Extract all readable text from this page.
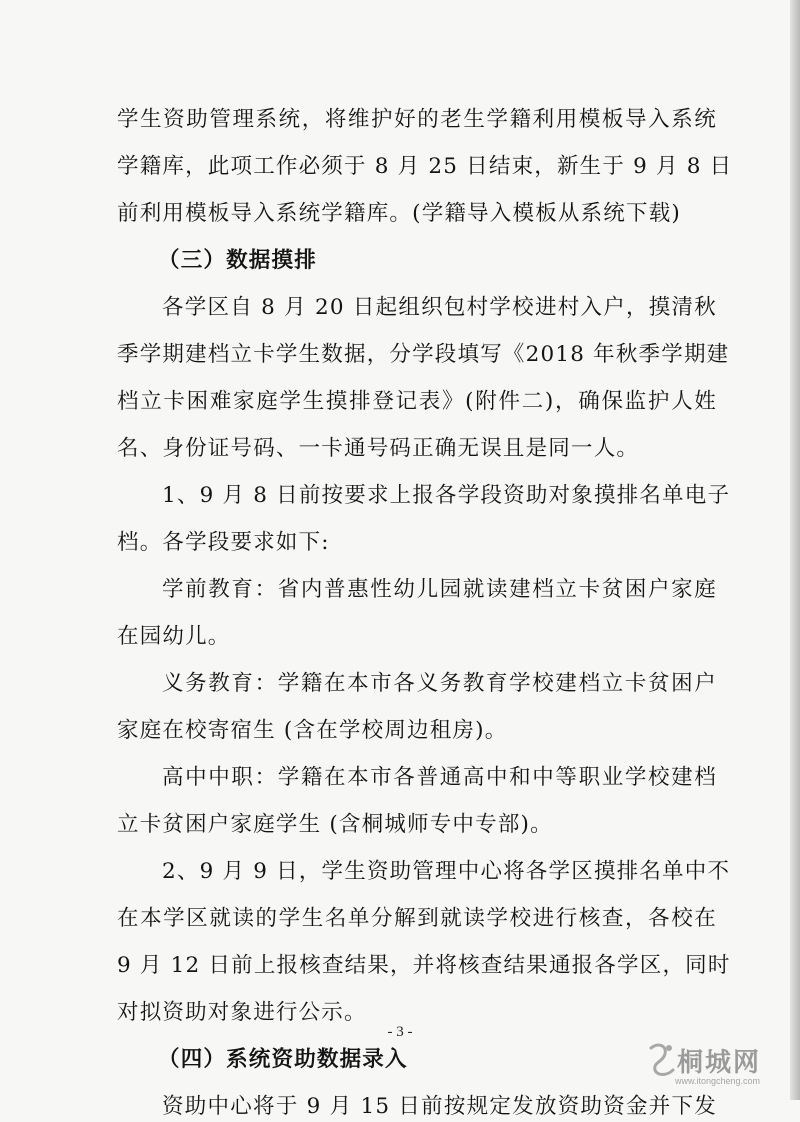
学生资助管理系统，将维护好的老生学籍利用模板导入系统
学籍库，此项工作必须于 8 月 25 日结束，新生于 9 月 8 日
前利用模板导入系统学籍库。(学籍导入模板从系统下载)
（三）数据摸排
各学区自 8 月 20 日起组织包村学校进村入户，摸清秋
季学期建档立卡学生数据，分学段填写《2018 年秋季学期建
档立卡困难家庭学生摸排登记表》(附件二)，确保监护人姓
名、身份证号码、一卡通号码正确无误且是同一人。
1、9 月 8 日前按要求上报各学段资助对象摸排名单电子
档。各学段要求如下:
学前教育：省内普惠性幼儿园就读建档立卡贫困户家庭
在园幼儿。
义务教育：学籍在本市各义务教育学校建档立卡贫困户
家庭在校寄宿生 (含在学校周边租房)。
高中中职：学籍在本市各普通高中和中等职业学校建档
立卡贫困户家庭学生 (含桐城师专中专部)。
2、9 月 9 日，学生资助管理中心将各学区摸排名单中不
在本学区就读的学生名单分解到就读学校进行核查，各校在
9 月 12 日前上报核查结果，并将核查结果通报各学区，同时
对拟资助对象进行公示。
（四）系统资助数据录入
资助中心将于 9 月 15 日前按规定发放资助资金并下发
- 3 -
桐城网
www.itongcheng.com
